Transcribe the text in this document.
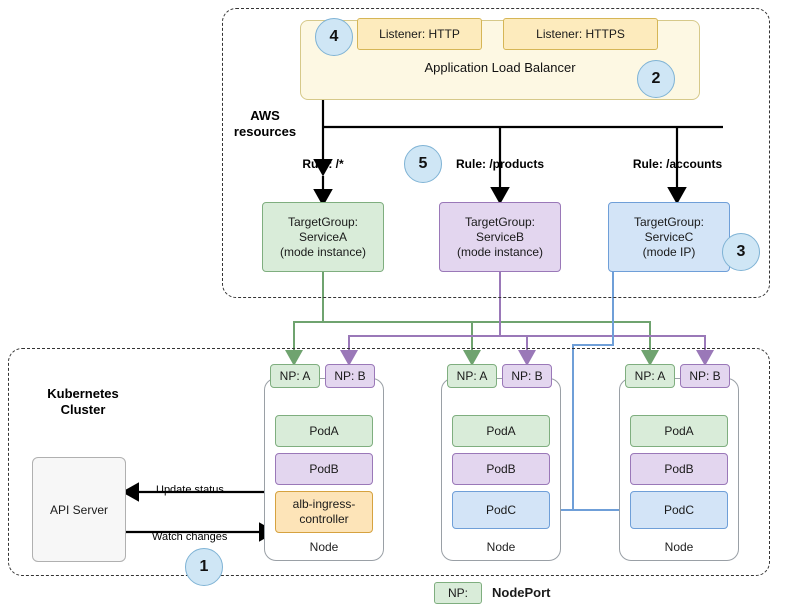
AWS
resources
Application Load Balancer
Listener: HTTP	Listener: HTTPS
Rule: /*	Rule: /products	Rule: /accounts
TargetGroup:
ServiceA
(mode instance)
TargetGroup:
ServiceB
(mode instance)
TargetGroup:
ServiceC
(mode IP)
Kubernetes
Cluster
API Server
Update status
Watch changes
Node
NP: A NP: B
PodA
PodB
alb-ingress-controller
Node
NP: A NP: B
PodA
PodB
PodC
Node
NP: A NP: B
PodA
PodB
PodC
4
2
5
3
1
NP: NodePort
